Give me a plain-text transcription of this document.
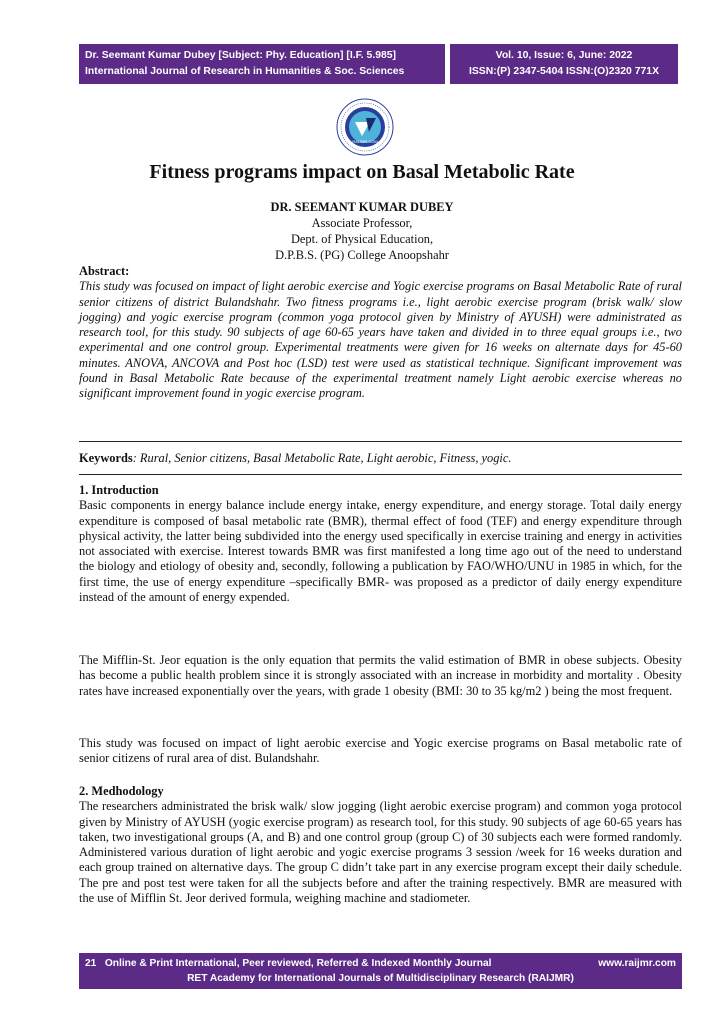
Dr. Seemant Kumar Dubey [Subject: Phy. Education] [I.F. 5.985]
International Journal of Research in Humanities & Soc. Sciences
Vol. 10, Issue: 6, June: 2022
ISSN:(P) 2347-5404 ISSN:(O)2320 771X
RAIJMR.COM
Fitness programs impact on Basal Metabolic Rate
DR. SEEMANT KUMAR DUBEY
Associate Professor,
Dept. of Physical Education,
D.P.B.S. (PG) College Anoopshahr
Abstract:
This study was focused on impact of light aerobic exercise and Yogic exercise programs on Basal Metabolic Rate of rural senior citizens of district Bulandshahr. Two fitness programs i.e., light aerobic exercise program (brisk walk/ slow jogging) and yogic exercise program (common yoga protocol given by Ministry of AYUSH) were administrated as research tool, for this study. 90 subjects of age 60-65 years have taken and divided in to three equal groups i.e., two experimental and one control group. Experimental treatments were given for 16 weeks on alternate days for 45-60 minutes. ANOVA, ANCOVA and Post hoc (LSD) test were used as statistical technique. Significant improvement was found in Basal Metabolic Rate because of the experimental treatment namely Light aerobic exercise whereas no significant improvement found in yogic exercise program.
Keywords: Rural, Senior citizens, Basal Metabolic Rate, Light aerobic, Fitness, yogic.
1. Introduction
Basic components in energy balance include energy intake, energy expenditure, and energy storage. Total daily energy expenditure is composed of basal metabolic rate (BMR), thermal effect of food (TEF) and energy expenditure through physical activity, the latter being subdivided into the energy used specifically in exercise training and energy in activities not associated with exercise. Interest towards BMR was first manifested a long time ago out of the need to understand the biology and etiology of obesity and, secondly, following a publication by FAO/WHO/UNU in 1985 in which, for the first time, the use of energy expenditure –specifically BMR- was proposed as a predictor of daily energy expenditure instead of the amount of energy expended.
The Mifflin-St. Jeor equation is the only equation that permits the valid estimation of BMR in obese subjects. Obesity has become a public health problem since it is strongly associated with an increase in morbidity and mortality . Obesity rates have increased exponentially over the years, with grade 1 obesity (BMI: 30 to 35 kg/m2 ) being the most frequent.
This study was focused on impact of light aerobic exercise and Yogic exercise programs on Basal metabolic rate of senior citizens of rural area of dist. Bulandshahr.
2. Medhodology
The researchers administrated the brisk walk/ slow jogging (light aerobic exercise program) and common yoga protocol given by Ministry of AYUSH (yogic exercise program) as research tool, for this study. 90 subjects of age 60-65 years has taken, two investigational groups (A, and B) and one control group (group C) of 30 subjects each were formed randomly. Administered various duration of light aerobic and yogic exercise programs 3 session /week for 16 weeks duration and each group trained on alternative days. The group C didn’t take part in any exercise program except their daily schedule. The pre and post test were taken for all the subjects before and after the training respectively. BMR are measured with the use of Mifflin St. Jeor derived formula, weighing machine and stadiometer.
21 Online & Print International, Peer reviewed, Referred & Indexed Monthly Journal	www.raijmr.com
RET Academy for International Journals of Multidisciplinary Research (RAIJMR)
